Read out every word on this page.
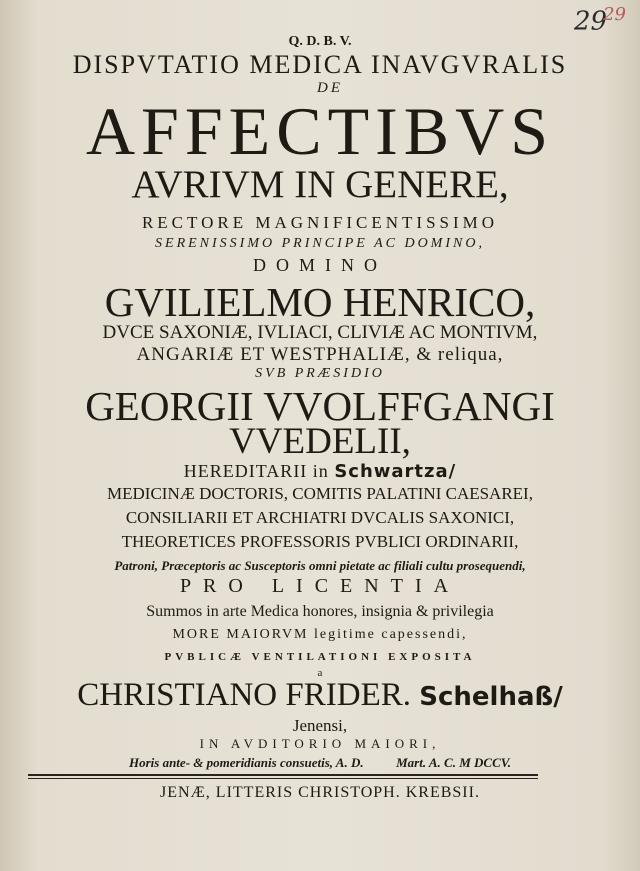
$29^{29}$
Q. D. B. V.
DISPVTATIO MEDICA INAVGVRALIS
DE
AFFECTIBVS
AVRIVM IN GENERE,
RECTORE MAGNIFICENTISSIMO
SERENISSIMO PRINCIPE AC DOMINO,
DOMINO
GVILIELMO HENRICO,
DVCE SAXONIÆ, IVLIACI, CLIVIÆ AC MONTIVM,
ANGARIÆ ET WESTPHALIÆ, & reliqua,
SVB PRÆSIDIO
GEORGII VVOLFFGANGI
VVEDELII,
HEREDITARII in Schwartza/
MEDICINÆ DOCTORIS, COMITIS PALATINI CAESAREI,
CONSILIARII ET ARCHIATRI DVCALIS SAXONICI,
THEORETICES PROFESSORIS PVBLICI ORDINARII,
Patroni, Præceptoris ac Susceptoris omni pietate ac filiali cultu prosequendi,
PRO LICENTIA
Summos in arte Medica honores, insignia & privilegia
MORE MAIORVM legitime capessendi,
PVBLICÆ VENTILATIONI EXPOSITA
a
CHRISTIANO FRIDER. Schelhaß/
Jenensi,
IN AVDITORIO MAIORI,
Horis ante- & pomeridianis consuetis, A. D.	Mart. A. C. M DCCV.
JENÆ, LITTERIS CHRISTOPH. KREBSII.
